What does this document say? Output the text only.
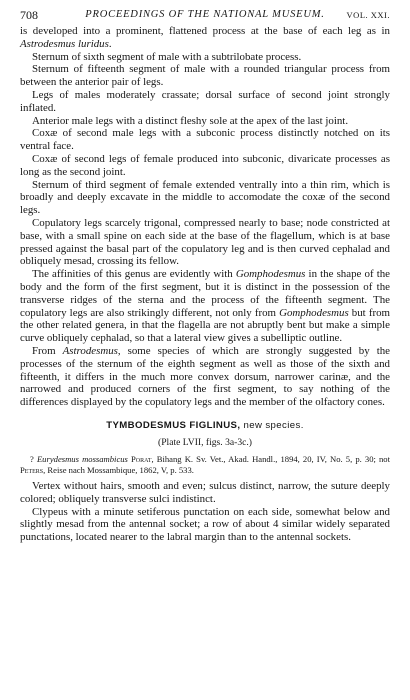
708	PROCEEDINGS OF THE NATIONAL MUSEUM.	VOL. XXI.

is developed into a prominent, flattened process at the base of each leg as in Astrodesmus luridus.

Sternum of sixth segment of male with a subtrilobate process.

Sternum of fifteenth segment of male with a rounded triangular process from between the anterior pair of legs.

Legs of males moderately crassate; dorsal surface of second joint strongly inflated.

Anterior male legs with a distinct fleshy sole at the apex of the last joint.

Coxæ of second male legs with a subconic process distinctly notched on its ventral face.

Coxæ of second legs of female produced into subconic, divaricate processes as long as the second joint.

Sternum of third segment of female extended ventrally into a thin rim, which is broadly and deeply excavate in the middle to accomodate the coxæ of the second legs.

Copulatory legs scarcely trigonal, compressed nearly to base; node constricted at base, with a small spine on each side at the base of the flagellum, which is at base pressed against the basal part of the copulatory leg and is then curved cephalad and obliquely mesad, crossing its fellow.

The affinities of this genus are evidently with Gomphodesmus in the shape of the body and the form of the first segment, but it is distinct in the possession of the transverse ridges of the sterna and the process of the fifteenth segment. The copulatory legs are also strikingly different, not only from Gomphodesmus but from the other related genera, in that the flagella are not abruptly bent but make a simple curve obliquely cephalad, so that a lateral view gives a subelliptic outline.

From Astrodesmus, some species of which are strongly suggested by the processes of the sternum of the eighth segment as well as those of the sixth and fifteenth, it differs in the much more convex dorsum, narrower carinæ, and the narrowed and produced corners of the first segment, to say nothing of the differences displayed by the copulatory legs and the member of the olfactory cones.

TYMBODESMUS FIGLINUS, new species.
(Plate LVII, figs. 3a-3c.)

? Eurydesmus mossambicus Porat, Bihang K. Sv. Vet., Akad. Handl., 1894, 20, IV, No. 5, p. 30; not Peters, Reise nach Mossambique, 1862, V, p. 533.

Vertex without hairs, smooth and even; sulcus distinct, narrow, the suture deeply colored; obliquely transverse sulci indistinct.

Clypeus with a minute setiferous punctation on each side, somewhat below and slightly mesad from the antennal socket; a row of about 4 similar widely separated punctations, located nearer to the labral margin than to the antennal sockets.
